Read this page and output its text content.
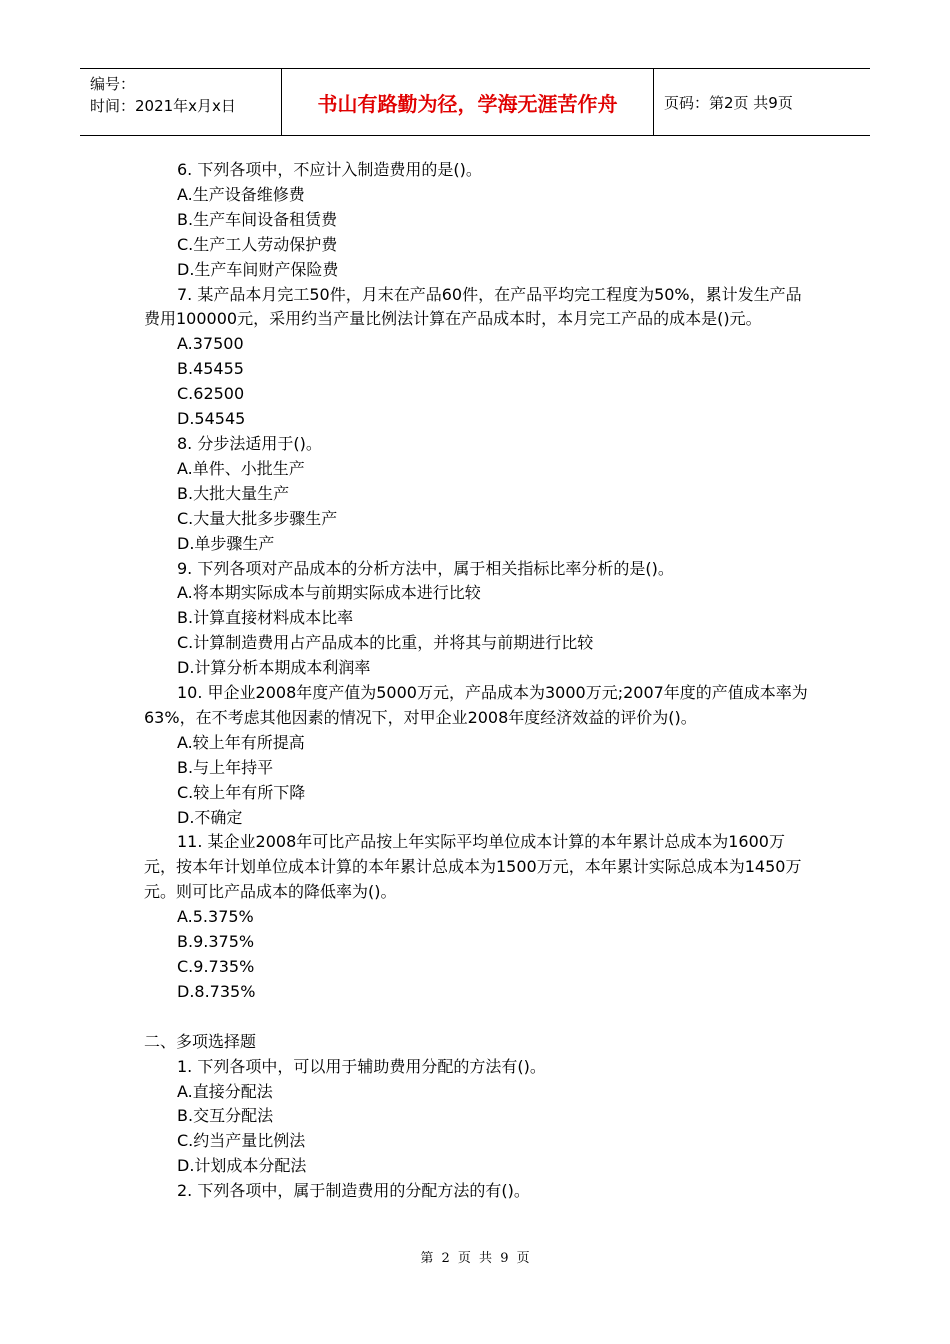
编号：
时间：2021年x月x日	书山有路勤为径，学海无涯苦作舟	页码：第2页 共9页

6. 下列各项中，不应计入制造费用的是()。

A.生产设备维修费

B.生产车间设备租赁费

C.生产工人劳动保护费

D.生产车间财产保险费

7. 某产品本月完工50件，月末在产品60件，在产品平均完工程度为50%，累计发生产品费用100000元，采用约当产量比例法计算在产品成本时，本月完工产品的成本是()元。

A.37500

B.45455

C.62500

D.54545

8. 分步法适用于()。

A.单件、小批生产

B.大批大量生产

C.大量大批多步骤生产

D.单步骤生产

9. 下列各项对产品成本的分析方法中，属于相关指标比率分析的是()。

A.将本期实际成本与前期实际成本进行比较

B.计算直接材料成本比率

C.计算制造费用占产品成本的比重，并将其与前期进行比较

D.计算分析本期成本利润率

10. 甲企业2008年度产值为5000万元，产品成本为3000万元;2007年度的产值成本率为63%，在不考虑其他因素的情况下，对甲企业2008年度经济效益的评价为()。

A.较上年有所提高

B.与上年持平

C.较上年有所下降

D.不确定

11. 某企业2008年可比产品按上年实际平均单位成本计算的本年累计总成本为1600万元，按本年计划单位成本计算的本年累计总成本为1500万元，本年累计实际总成本为1450万元。则可比产品成本的降低率为()。

A.5.375%

B.9.375%

C.9.735%

D.8.735%

二、多项选择题

1. 下列各项中，可以用于辅助费用分配的方法有()。

A.直接分配法

B.交互分配法

C.约当产量比例法

D.计划成本分配法

2. 下列各项中，属于制造费用的分配方法的有()。

第 2 页 共 9 页
